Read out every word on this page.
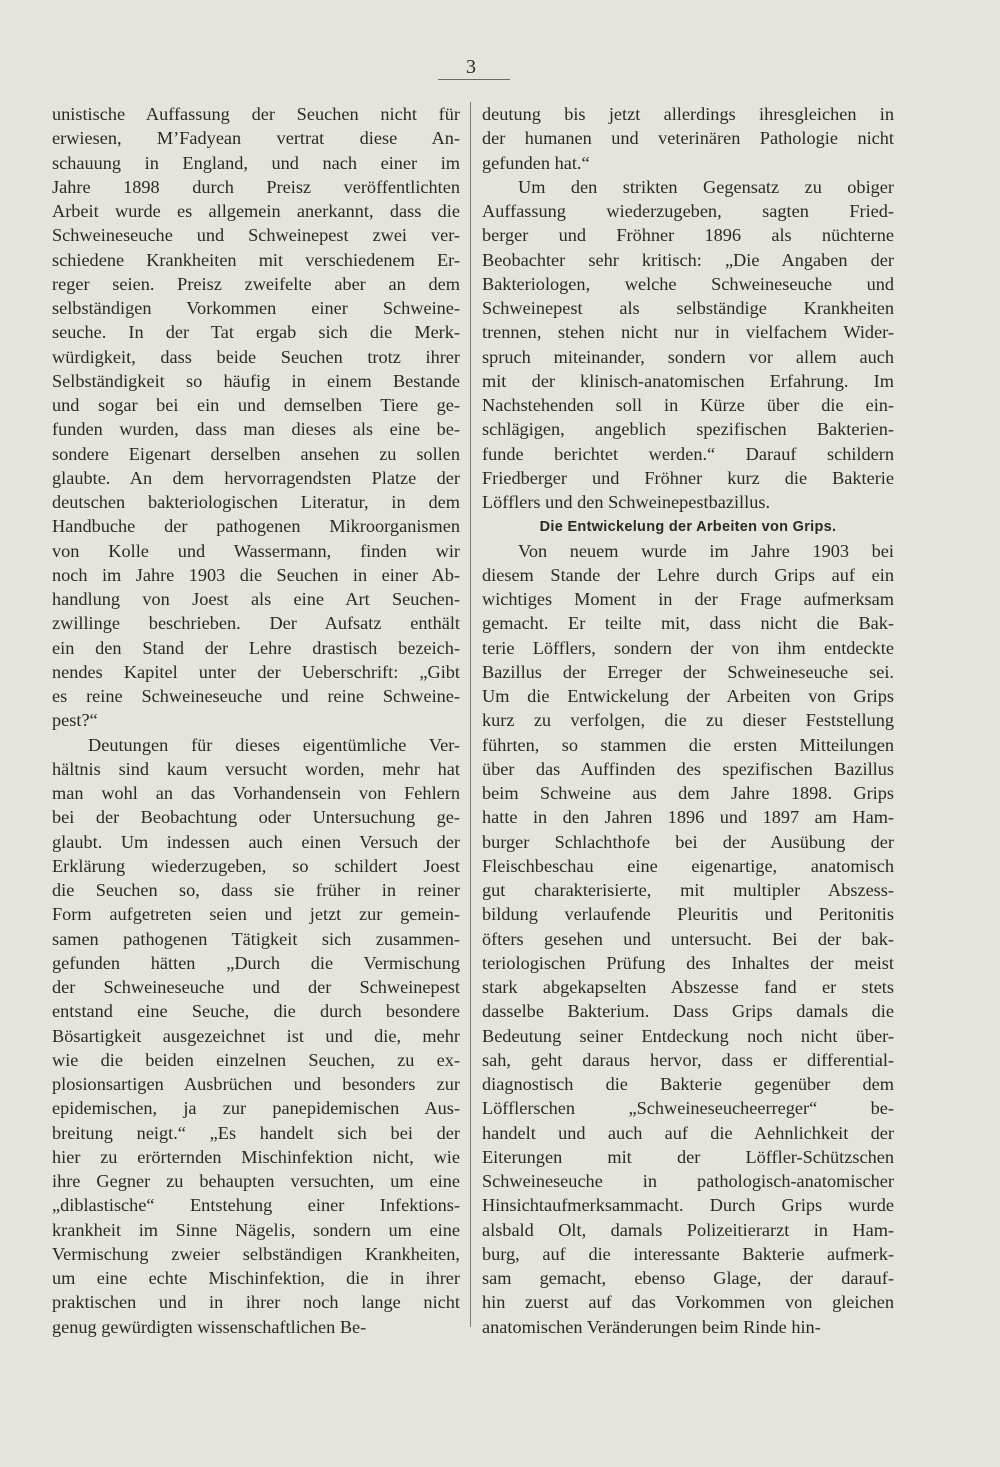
3
unistische Auffassung der Seuchen nicht für
erwiesen, M’Fadyean vertrat diese An-
schauung in England, und nach einer im
Jahre 1898 durch Preisz veröffentlichten
Arbeit wurde es allgemein anerkannt, dass die
Schweineseuche und Schweinepest zwei ver-
schiedene Krankheiten mit verschiedenem Er-
reger seien. Preisz zweifelte aber an dem
selbständigen Vorkommen einer Schweine-
seuche. In der Tat ergab sich die Merk-
würdigkeit, dass beide Seuchen trotz ihrer
Selbständigkeit so häufig in einem Bestande
und sogar bei ein und demselben Tiere ge-
funden wurden, dass man dieses als eine be-
sondere Eigenart derselben ansehen zu sollen
glaubte. An dem hervorragendsten Platze der
deutschen bakteriologischen Literatur, in dem
Handbuche der pathogenen Mikroorganismen
von Kolle und Wassermann, finden wir
noch im Jahre 1903 die Seuchen in einer Ab-
handlung von Joest als eine Art Seuchen-
zwillinge beschrieben. Der Aufsatz enthält
ein den Stand der Lehre drastisch bezeich-
nendes Kapitel unter der Ueberschrift: „Gibt
es reine Schweineseuche und reine Schweine-
pest?“
Deutungen für dieses eigentümliche Ver-
hältnis sind kaum versucht worden, mehr hat
man wohl an das Vorhandensein von Fehlern
bei der Beobachtung oder Untersuchung ge-
glaubt. Um indessen auch einen Versuch der
Erklärung wiederzugeben, so schildert Joest
die Seuchen so, dass sie früher in reiner
Form aufgetreten seien und jetzt zur gemein-
samen pathogenen Tätigkeit sich zusammen-
gefunden hätten „Durch die Vermischung
der Schweineseuche und der Schweinepest
entstand eine Seuche, die durch besondere
Bösartigkeit ausgezeichnet ist und die, mehr
wie die beiden einzelnen Seuchen, zu ex-
plosionsartigen Ausbrüchen und besonders zur
epidemischen, ja zur panepidemischen Aus-
breitung neigt.“ „Es handelt sich bei der
hier zu erörternden Mischinfektion nicht, wie
ihre Gegner zu behaupten versuchten, um eine
„diblastische“ Entstehung einer Infektions-
krankheit im Sinne Nägelis, sondern um eine
Vermischung zweier selbständigen Krankheiten,
um eine echte Mischinfektion, die in ihrer
praktischen und in ihrer noch lange nicht
genug gewürdigten wissenschaftlichen Be-
deutung bis jetzt allerdings ihresgleichen in
der humanen und veterinären Pathologie nicht
gefunden hat.“
Um den strikten Gegensatz zu obiger
Auffassung wiederzugeben, sagten Fried-
berger und Fröhner 1896 als nüchterne
Beobachter sehr kritisch: „Die Angaben der
Bakteriologen, welche Schweineseuche und
Schweinepest als selbständige Krankheiten
trennen, stehen nicht nur in vielfachem Wider-
spruch miteinander, sondern vor allem auch
mit der klinisch-anatomischen Erfahrung. Im
Nachstehenden soll in Kürze über die ein-
schlägigen, angeblich spezifischen Bakterien-
funde berichtet werden.“ Darauf schildern
Friedberger und Fröhner kurz die Bakterie
Löfflers und den Schweinepestbazillus.
Die Entwickelung der Arbeiten von Grips.
Von neuem wurde im Jahre 1903 bei
diesem Stande der Lehre durch Grips auf ein
wichtiges Moment in der Frage aufmerksam
gemacht. Er teilte mit, dass nicht die Bak-
terie Löfflers, sondern der von ihm entdeckte
Bazillus der Erreger der Schweineseuche sei.
Um die Entwickelung der Arbeiten von Grips
kurz zu verfolgen, die zu dieser Feststellung
führten, so stammen die ersten Mitteilungen
über das Auffinden des spezifischen Bazillus
beim Schweine aus dem Jahre 1898. Grips
hatte in den Jahren 1896 und 1897 am Ham-
burger Schlachthofe bei der Ausübung der
Fleischbeschau eine eigenartige, anatomisch
gut charakterisierte, mit multipler Abszess-
bildung verlaufende Pleuritis und Peritonitis
öfters gesehen und untersucht. Bei der bak-
teriologischen Prüfung des Inhaltes der meist
stark abgekapselten Abszesse fand er stets
dasselbe Bakterium. Dass Grips damals die
Bedeutung seiner Entdeckung noch nicht über-
sah, geht daraus hervor, dass er differential-
diagnostisch die Bakterie gegenüber dem
Löfflerschen „Schweineseucheerreger“ be-
handelt und auch auf die Aehnlichkeit der
Eiterungen mit der Löffler-Schützschen
Schweineseuche in pathologisch-anatomischer
Hinsichtaufmerksammacht. Durch Grips wurde
alsbald Olt, damals Polizeitierarzt in Ham-
burg, auf die interessante Bakterie aufmerk-
sam gemacht, ebenso Glage, der darauf-
hin zuerst auf das Vorkommen von gleichen
anatomischen Veränderungen beim Rinde hin-
